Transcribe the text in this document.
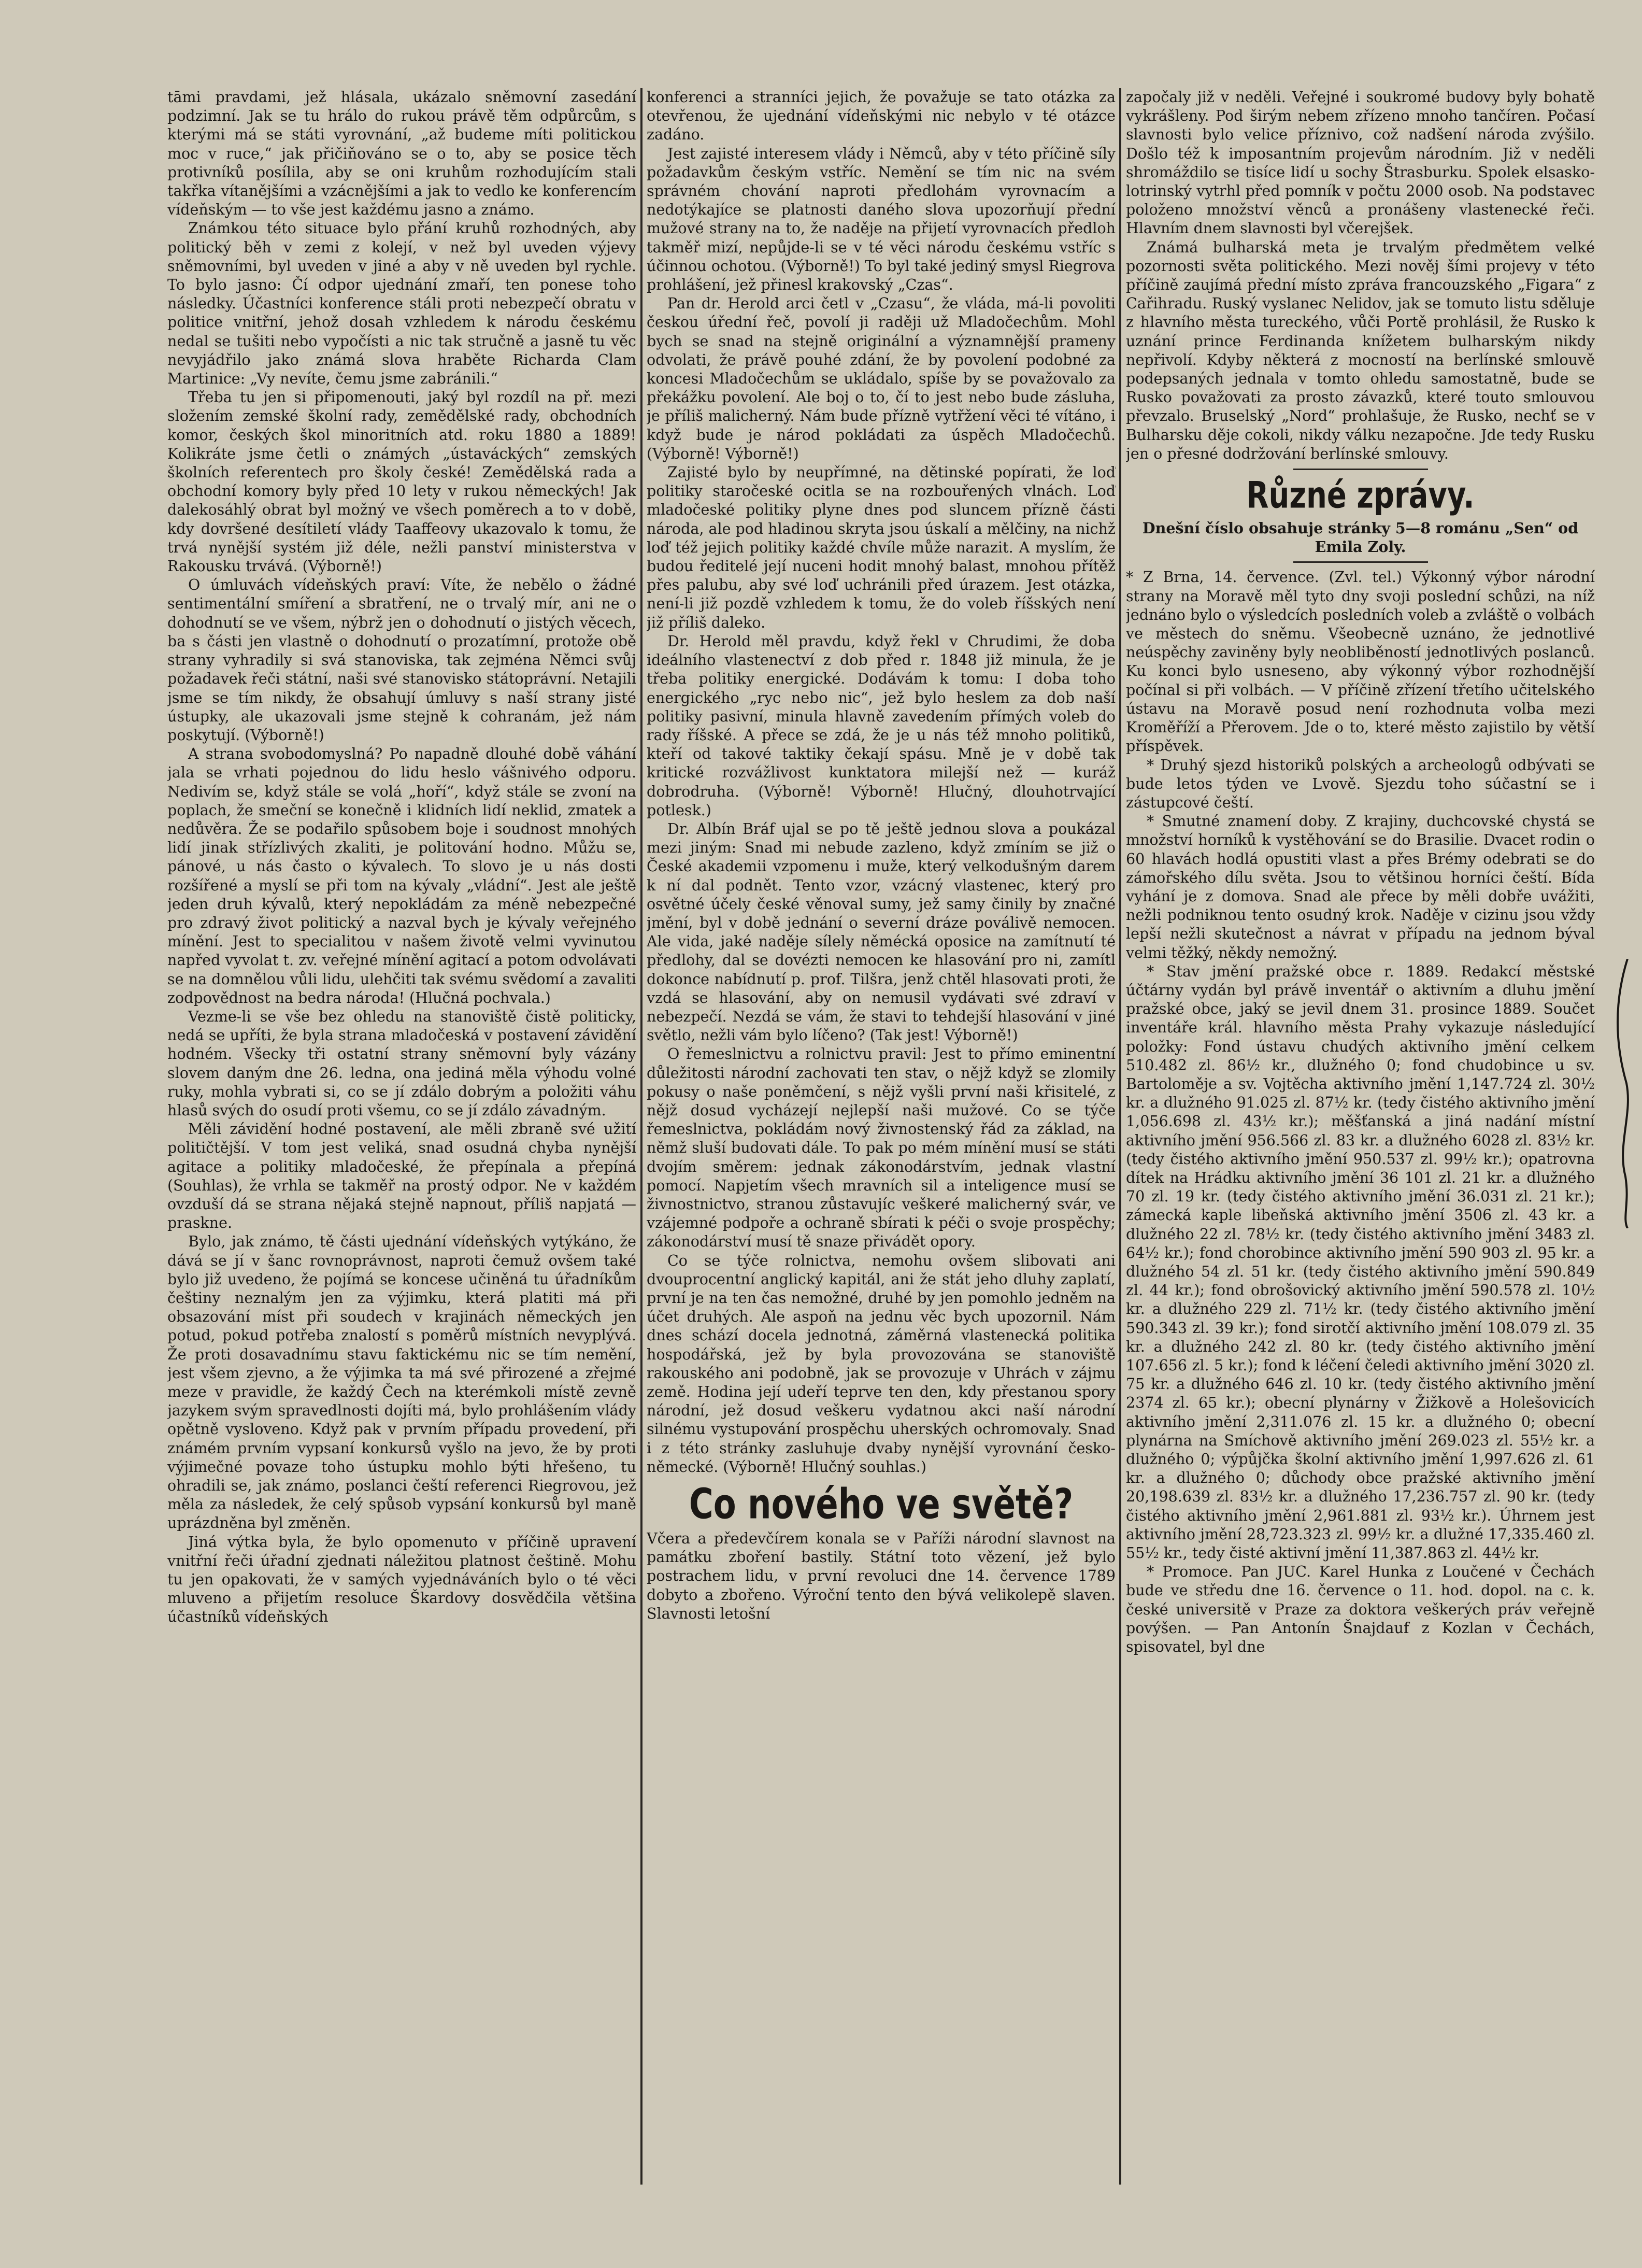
tāmi pravdami, jež hlásala, ukázalo sněmovní zasedání podzimní. Jak se tu hrálo do rukou právě těm odpůrcům, s kterými má se státi vyrovnání, „až budeme míti politickou moc v ruce,“ jak přičiňováno se o to, aby se posice těch protivníků posílila, aby se oni kruhům rozhodujícím stali takřka vítanějšími a vzácnějšími a jak to vedlo ke konferencím vídeňským — to vše jest každému jasno a známo.

Známkou této situace bylo přání kruhů rozhodných, aby politický běh v zemi z kolejí, v než byl uveden výjevy sněmovními, byl uveden v jiné a aby v ně uveden byl rychle. To bylo jasno: Čí odpor ujednání zmaří, ten ponese toho následky. Účastníci konference stáli proti nebezpečí obratu v politice vnitřní, jehož dosah vzhledem k národu českému nedal se tušiti nebo vypočísti a nic tak stručně a jasně tu věc nevyjádřilo jako známá slova hraběte Richarda Clam Martinice: „Vy nevíte, čemu jsme zabránili.“

Třeba tu jen si připomenouti, jaký byl rozdíl na př. mezi složením zemské školní rady, zemědělské rady, obchodních komor, českých škol minoritních atd. roku 1880 a 1889! Kolikráte jsme četli o známých „ústaváckých“ zemských školních referentech pro školy české! Zemědělská rada a obchodní komory byly před 10 lety v rukou německých! Jak dalekosáhlý obrat byl možný ve všech poměrech a to v době, kdy dovršené desítiletí vlády Taaffeovy ukazovalo k tomu, že trvá nynější systém již déle, nežli panství ministerstva v Rakousku trvává. (Výborně!)

O úmluvách vídeňských praví: Víte, že nebělo o žádné sentimentální smíření a sbratření, ne o trvalý mír, ani ne o dohodnutí se ve všem, nýbrž jen o dohodnutí o jistých věcech, ba s části jen vlastně o dohodnutí o prozatímní, protože obě strany vyhradily si svá stanoviska, tak zejména Němci svůj požadavek řeči státní, naši své stanovisko státoprávní. Netajili jsme se tím nikdy, že obsahují úmluvy s naší strany jisté ústupky, ale ukazovali jsme stejně k cohranám, jež nám poskytují. (Výborně!)

A strana svobodomyslná? Po napadně dlouhé době váhání jala se vrhati pojednou do lidu heslo vášnivého odporu. Nedivím se, když stále se volá „hoří“, když stále se zvoní na poplach, že smeční se konečně i klidních lidí neklid, zmatek a nedůvěra. Že se podařilo spůsobem boje i soudnost mnohých lidí jinak střízlivých zkaliti, je politování hodno. Můžu se, pánové, u nás často o kývalech. To slovo je u nás dosti rozšířené a myslí se při tom na kývaly „vládní“. Jest ale ještě jeden druh kývalů, který nepokládám za méně nebezpečné pro zdravý život politický a nazval bych je kývaly veřejného mínění. Jest to specialitou v našem životě velmi vyvinutou napřed vyvolat t. zv. veřejné mínění agitací a potom odvolávati se na domnělou vůli lidu, ulehčiti tak svému svědomí a zavaliti zodpovědnost na bedra národa! (Hlučná pochvala.)

Vezme-li se vše bez ohledu na stanoviště čistě politicky, nedá se upříti, že byla strana mladočeská v postavení závidění hodném. Všecky tři ostatní strany sněmovní byly vázány slovem daným dne 26. ledna, ona jediná měla výhodu volné ruky, mohla vybrati si, co se jí zdálo dobrým a položiti váhu hlasů svých do osudí proti všemu, co se jí zdálo závadným.

Měli závidění hodné postavení, ale měli zbraně své užití političtější. V tom jest veliká, snad osudná chyba nynější agitace a politiky mladočeské, že přepínala a přepíná (Souhlas), že vrhla se takměř na prostý odpor. Ne v každém ovzduší dá se strana nějaká stejně napnout, příliš napjatá — praskne.

Bylo, jak známo, tě části ujednání vídeňských vytýkáno, že dává se jí v šanc rovnoprávnost, naproti čemuž ovšem také bylo již uvedeno, že pojímá se koncese učiněná tu úřadníkům češtiny neznalým jen za výjimku, která platiti má při obsazování míst při soudech v krajinách německých jen potud, pokud potřeba znalostí s poměrů místních nevyplývá. Že proti dosavadnímu stavu faktickému nic se tím nemění, jest všem zjevno, a že výjimka ta má své přirozené a zřejmé meze v pravidle, že každý Čech na kterémkoli místě zevně jazykem svým spravedlnosti dojíti má, bylo prohlášením vlády opětně vysloveno. Když pak v prvním případu provedení, při známém prvním vypsaní konkursů vyšlo na jevo, že by proti výjimečné povaze toho ústupku mohlo býti hřešeno, tu ohradili se, jak známo, poslanci čeští referenci Riegrovou, jež měla za následek, že celý spůsob vypsání konkursů byl maně uprázdněna byl změněn.

Jiná výtka byla, že bylo opomenuto v příčině upravení vnitřní řeči úřadní zjednati náležitou platnost češtině. Mohu tu jen opakovati, že v samých vyjednáváních bylo o té věci mluveno a přijetím resoluce Škardovy dosvědčila většina účastníků vídeňských

konferenci a stranníci jejich, že považuje se tato otázka za otevřenou, že ujednání vídeňskými nic nebylo v té otázce zadáno.

Jest zajisté interesem vlády i Němců, aby v této příčině síly požadavkům českým vstříc. Nemění se tím nic na svém správném chování naproti předlohám vyrovnacím a nedotýkajíce se platnosti daného slova upozorňují přední mužové strany na to, že naděje na přijetí vyrovnacích předloh takměř mizí, nepůjde-li se v té věci národu českému vstříc s účinnou ochotou. (Výborně!) To byl také jediný smysl Riegrova prohlášení, jež přinesl krakovský „Czas“.

Pan dr. Herold arci četl v „Czasu“, že vláda, má-li povoliti českou úřední řeč, povolí ji raději už Mladočechům. Mohl bych se snad na stejně originální a významnější prameny odvolati, že právě pouhé zdání, že by povolení podobné za koncesi Mladočechům se ukládalo, spíše by se považovalo za překážku povolení. Ale boj o to, čí to jest nebo bude zásluha, je příliš malicherný. Nám bude přízně vytřžení věci té vítáno, i když bude je národ pokládati za úspěch Mladočechů. (Výborně! Výborně!)

Zajisté bylo by neupřímné, na dětinské popírati, že loď politiky staročeské ocitla se na rozbouřených vlnách. Loď mladočeské politiky plyne dnes pod sluncem přízně části národa, ale pod hladinou skryta jsou úskalí a mělčiny, na nichž loď též jejich politiky každé chvíle může narazit. A myslím, že budou ředitelé její nuceni hodit mnohý balast, mnohou přítěž přes palubu, aby své loď uchránili před úrazem. Jest otázka, není-li již pozdě vzhledem k tomu, že do voleb říšských není již příliš daleko.

Dr. Herold měl pravdu, když řekl v Chrudimi, že doba ideálního vlastenectví z dob před r. 1848 již minula, že je třeba politiky energické. Dodávám k tomu: I doba toho energického „ryc nebo nic“, jež bylo heslem za dob naší politiky pasivní, minula hlavně zavedením přímých voleb do rady říšské. A přece se zdá, že je u nás též mnoho politiků, kteří od takové taktiky čekají spásu. Mně je v době tak kritické rozvážlivost kunktatora milejší než — kuráž dobrodruha. (Výborně! Výborně! Hlučný, dlouhotrvající potlesk.)

Dr. Albín Bráf ujal se po tě ještě jednou slova a poukázal mezi jiným: Snad mi nebude zazleno, když zmíním se již o České akademii vzpomenu i muže, který velkodušným darem k ní dal podnět. Tento vzor, vzácný vlastenec, který pro osvětné účely české věnoval sumy, jež samy činily by značné jmění, byl v době jednání o severní dráze poválivě nemocen. Ale vida, jaké naděje sílely němécká oposice na zamítnutí té předlohy, dal se dovézti nemocen ke hlasování pro ni, zamítl dokonce nabídnutí p. prof. Tilšra, jenž chtěl hlasovati proti, že vzdá se hlasování, aby on nemusil vydávati své zdraví v nebezpečí. Nezdá se vám, že stavi to tehdejší hlasování v jiné světlo, nežli vám bylo líčeno? (Tak jest! Výborně!)

O řemeslnictvu a rolnictvu pravil: Jest to přímo eminentní důležitosti národní zachovati ten stav, o nějž když se zlomily pokusy o naše poněmčení, s nějž vyšli první naši křisitelé, z nějž dosud vycházejí nejlepší naši mužové. Co se týče řemeslnictva, pokládám nový živnostenský řád za základ, na němž sluší budovati dále. To pak po mém mínění musí se státi dvojím směrem: jednak zákonodárstvím, jednak vlastní pomocí. Napjetím všech mravních sil a inteligence musí se živnostnictvo, stranou zůstavujíc veškeré malicherný svár, ve vzájemné podpoře a ochraně sbírati k péči o svoje prospěchy; zákonodárství musí tě snaze přivádět opory.

Co se týče rolnictva, nemohu ovšem slibovati ani dvouprocentní anglický kapitál, ani že stát jeho dluhy zaplatí, první je na ten čas nemožné, druhé by jen pomohlo jedněm na účet druhých. Ale aspoň na jednu věc bych upozornil. Nám dnes schází docela jednotná, záměrná vlastenecká politika hospodářská, jež by byla provozována se stanoviště rakouského ani podobně, jak se provozuje v Uhrách v zájmu země. Hodina její udeří teprve ten den, kdy přestanou spory národní, jež dosud veškeru vydatnou akci naší národní silnému vystupování prospěchu uherských ochromovaly. Snad i z této stránky zasluhuje dvaby nynější vyrovnání česko-německé. (Výborně! Hlučný souhlas.)

Co nového ve světě?

Včera a předevčírem konala se v Paříži národní slavnost na památku zboření bastily. Státní toto vězení, jež bylo postrachem lidu, v první revoluci dne 14. července 1789 dobyto a zbořeno. Výroční tento den bývá velikolepě slaven. Slavnosti letošní

započaly již v neděli. Veřejné i soukromé budovy byly bohatě vykrášleny. Pod širým nebem zřízeno mnoho tančíren. Počasí slavnosti bylo velice příznivo, což nadšení národa zvýšilo. Došlo též k imposantním projevům národním. Již v neděli shromáždilo se tisíce lidí u sochy Štrasburku. Spolek elsasko-lotrinský vytrhl před pomník v počtu 2000 osob. Na podstavec položeno množství věnců a pronášeny vlastenecké řeči. Hlavním dnem slavnosti byl včerejšek.

Známá bulharská meta je trvalým předmětem velké pozornosti světa politického. Mezi nověj šími projevy v této příčině zaujímá přední místo zpráva francouzského „Figara“ z Cařihradu. Ruský vyslanec Nelidov, jak se tomuto listu sděluje z hlavního města tureckého, vůči Portě prohlásil, že Rusko k uznání prince Ferdinanda knížetem bulharským nikdy nepřivolí. Kdyby některá z mocností na berlínské smlouvě podepsaných jednala v tomto ohledu samostatně, bude se Rusko považovati za prosto závazků, které touto smlouvou převzalo. Bruselský „Nord“ prohlašuje, že Rusko, nechť se v Bulharsku děje cokoli, nikdy válku nezapočne. Jde tedy Rusku jen o přesné dodržování berlínské smlouvy.

Různé zprávy.

Dnešní číslo obsahuje stránky 5—8 románu „Sen“ od Emila Zoly.

* Z Brna, 14. července. (Zvl. tel.) Výkonný výbor národní strany na Moravě měl tyto dny svoji poslední schůzi, na níž jednáno bylo o výsledcích posledních voleb a zvláště o volbách ve městech do sněmu. Všeobecně uznáno, že jednotlivé neúspěchy zaviněny byly neobliběností jednotlivých poslanců. Ku konci bylo usneseno, aby výkonný výbor rozhodnější počínal si při volbách. — V příčině zřízení třetího učitelského ústavu na Moravě posud není rozhodnuta volba mezi Kroměříží a Přerovem. Jde o to, které město zajistilo by větší příspěvek.

* Druhý sjezd historiků polských a archeologů odbývati se bude letos týden ve Lvově. Sjezdu toho súčastní se i zástupcové čeští.

* Smutné znamení doby. Z krajiny, duchcovské chystá se množství horníků k vystěhování se do Brasilie. Dvacet rodin o 60 hlavách hodlá opustiti vlast a přes Brémy odebrati se do zámořského dílu světa. Jsou to většinou horníci čeští. Bída vyhání je z domova. Snad ale přece by měli dobře uvážiti, nežli podniknou tento osudný krok. Naděje v cizinu jsou vždy lepší nežli skutečnost a návrat v případu na jednom býval velmi těžký, někdy nemožný.

* Stav jmění pražské obce r. 1889. Redakcí městské účtárny vydán byl právě inventář o aktivním a dluhu jmění pražské obce, jaký se jevil dnem 31. prosince 1889. Součet inventáře král. hlavního města Prahy vykazuje následující položky: Fond ústavu chudých aktivního jmění celkem 510.482 zl. 86½ kr., dlužného 0; fond chudobince u sv. Bartoloměje a sv. Vojtěcha aktivního jmění 1,147.724 zl. 30½ kr. a dlužného 91.025 zl. 87½ kr. (tedy čistého aktivního jmění 1,056.698 zl. 43½ kr.); měšťanská a jiná nadání místní aktivního jmění 956.566 zl. 83 kr. a dlužného 6028 zl. 83½ kr. (tedy čistého aktivního jmění 950.537 zl. 99½ kr.); opatrovna dítek na Hrádku aktivního jmění 36 101 zl. 21 kr. a dlužného 70 zl. 19 kr. (tedy čistého aktivního jmění 36.031 zl. 21 kr.); zámecká kaple libeňská aktivního jmění 3506 zl. 43 kr. a dlužného 22 zl. 78½ kr. (tedy čistého aktivního jmění 3483 zl. 64½ kr.); fond chorobince aktivního jmění 590 903 zl. 95 kr. a dlužného 54 zl. 51 kr. (tedy čistého aktivního jmění 590.849 zl. 44 kr.); fond obrošovický aktivního jmění 590.578 zl. 10½ kr. a dlužného 229 zl. 71½ kr. (tedy čistého aktivního jmění 590.343 zl. 39 kr.); fond sirotčí aktivního jmění 108.079 zl. 35 kr. a dlužného 242 zl. 80 kr. (tedy čistého aktivního jmění 107.656 zl. 5 kr.); fond k léčení čeledi aktivního jmění 3020 zl. 75 kr. a dlužného 646 zl. 10 kr. (tedy čistého aktivního jmění 2374 zl. 65 kr.); obecní plynárny v Žižkově a Holešovicích aktivního jmění 2,311.076 zl. 15 kr. a dlužného 0; obecní plynárna na Smíchově aktivního jmění 269.023 zl. 55½ kr. a dlužného 0; výpůjčka školní aktivního jmění 1,997.626 zl. 61 kr. a dlužného 0; důchody obce pražské aktivního jmění 20,198.639 zl. 83½ kr. a dlužného 17,236.757 zl. 90 kr. (tedy čistého aktivního jmění 2,961.881 zl. 93½ kr.). Úhrnem jest aktivního jmění 28,723.323 zl. 99½ kr. a dlužné 17,335.460 zl. 55½ kr., tedy čisté aktivní jmění 11,387.863 zl. 44½ kr.

* Promoce. Pan JUC. Karel Hunka z Loučené v Čechách bude ve středu dne 16. července o 11. hod. dopol. na c. k. české universitě v Praze za doktora veškerých práv veřejně povýšen. — Pan Antonín Šnajdauf z Kozlan v Čechách, spisovatel, byl dne
